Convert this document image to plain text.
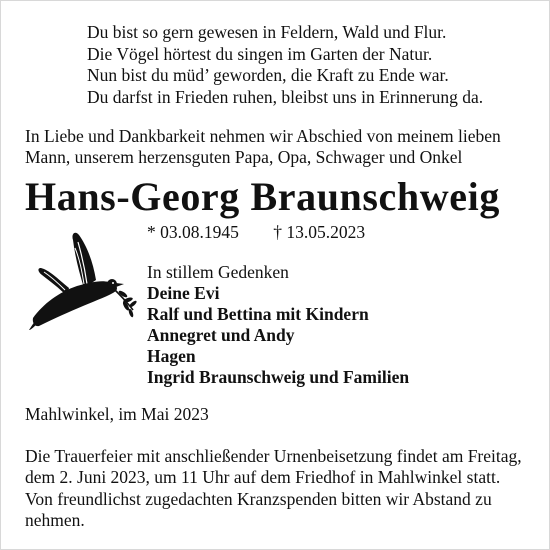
Du bist so gern gewesen in Feldern, Wald und Flur.
Die Vögel hörtest du singen im Garten der Natur.
Nun bist du müd’ geworden, die Kraft zu Ende war.
Du darfst in Frieden ruhen, bleibst uns in Erinnerung da.
In Liebe und Dankbarkeit nehmen wir Abschied von meinem lieben
Mann, unserem herzensguten Papa, Opa, Schwager und Onkel
Hans-Georg Braunschweig
* 03.08.1945 † 13.05.2023
In stillem Gedenken
Deine Evi
Ralf und Bettina mit Kindern
Annegret und Andy
Hagen
Ingrid Braunschweig und Familien
Mahlwinkel, im Mai 2023
Die Trauerfeier mit anschließender Urnenbeisetzung findet am Freitag,
dem 2. Juni 2023, um 11 Uhr auf dem Friedhof in Mahlwinkel statt.
Von freundlichst zugedachten Kranzspenden bitten wir Abstand zu
nehmen.
